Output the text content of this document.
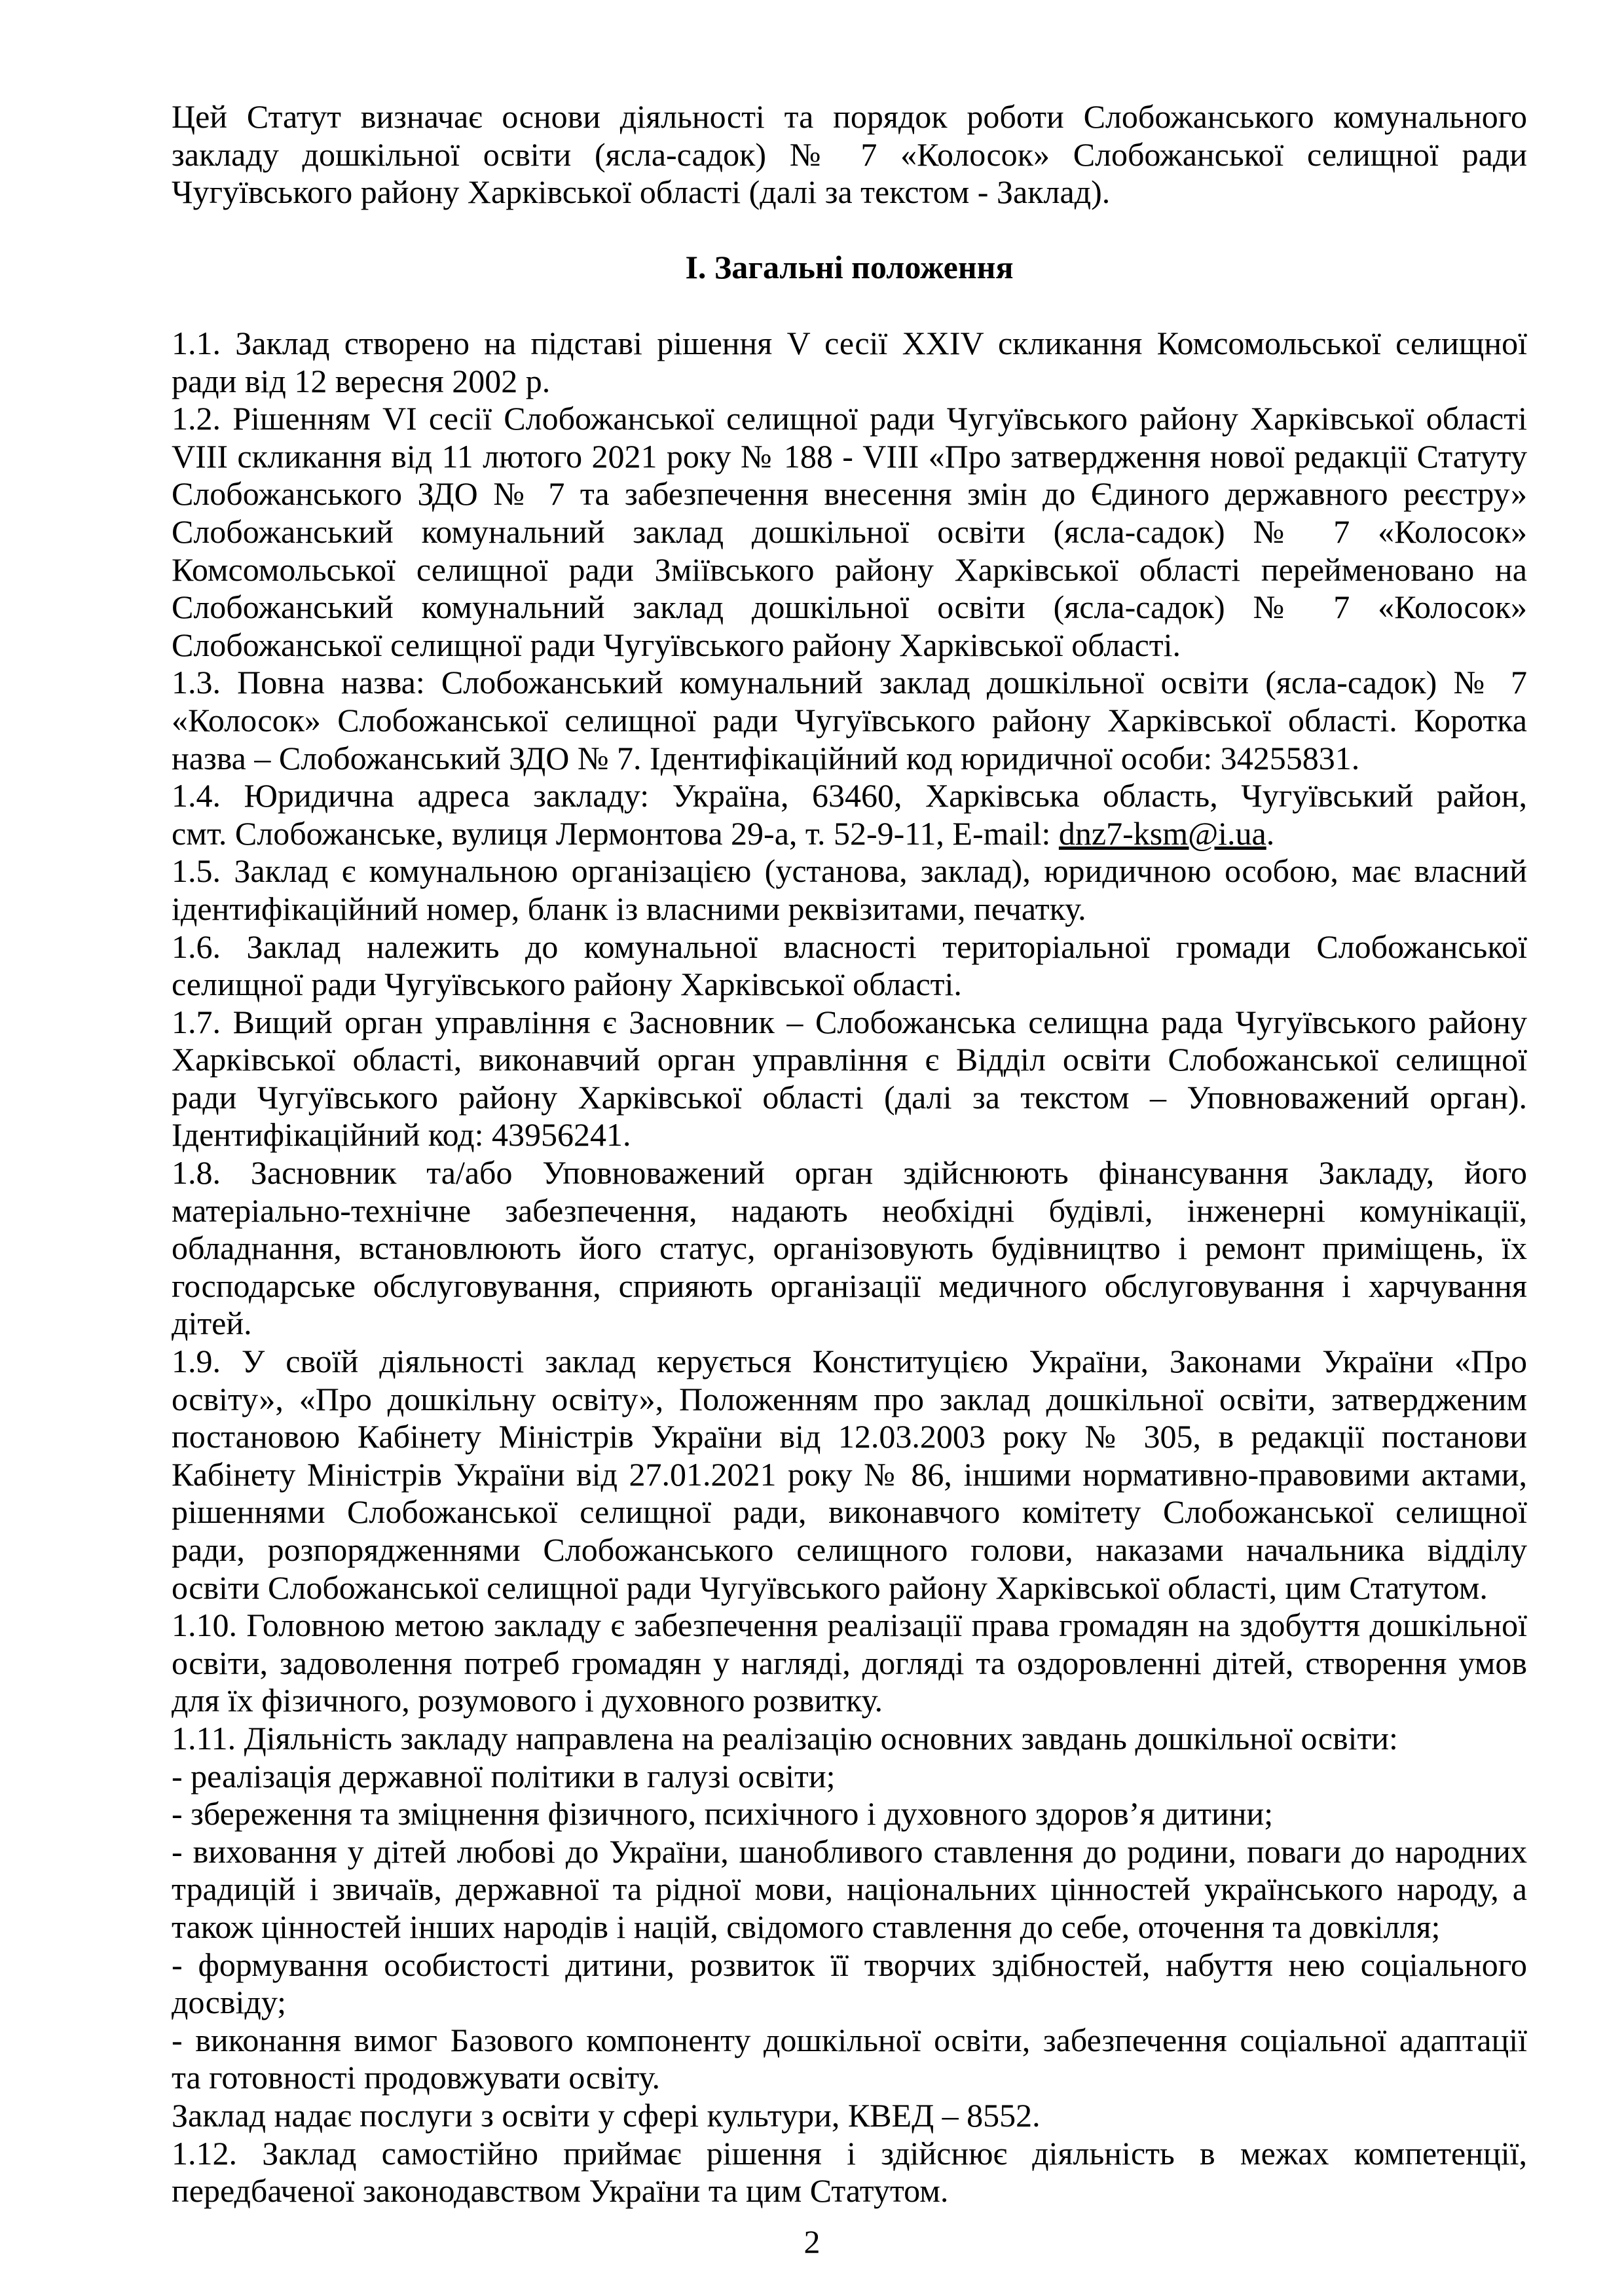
Цей Статут визначає основи діяльності та порядок роботи Слобожанського комунального
закладу дошкільної освіти (ясла-садок) № 7 «Колосок» Слобожанської селищної ради
Чугуївського району Харківської області (далі за текстом - Заклад).
І. Загальні положення
1.1. Заклад створено на підставі рішення V сесії XXIV скликання Комсомольської селищної
ради від 12 вересня 2002 р.
1.2. Рішенням VI сесії Слобожанської селищної ради Чугуївського району Харківської області
VIII скликання від 11 лютого 2021 року № 188 - VIII «Про затвердження нової редакції Статуту
Слобожанського ЗДО № 7 та забезпечення внесення змін до Єдиного державного реєстру»
Слобожанський комунальний заклад дошкільної освіти (ясла-садок) № 7 «Колосок»
Комсомольської селищної ради Зміївського району Харківської області перейменовано на
Слобожанський комунальний заклад дошкільної освіти (ясла-садок) № 7 «Колосок»
Слобожанської селищної ради Чугуївського району Харківської області.
1.3. Повна назва: Слобожанський комунальний заклад дошкільної освіти (ясла-садок) № 7
«Колосок» Слобожанської селищної ради Чугуївського району Харківської області. Коротка
назва – Слобожанський ЗДО № 7. Ідентифікаційний код юридичної особи: 34255831.
1.4. Юридична адреса закладу: Україна, 63460, Харківська область, Чугуївський район,
смт. Слобожанське, вулиця Лермонтова 29-а, т. 52-9-11, E-mail: dnz7-ksm@i.ua.
1.5. Заклад є комунальною організацією (установа, заклад), юридичною особою, має власний
ідентифікаційний номер, бланк із власними реквізитами, печатку.
1.6. Заклад належить до комунальної власності територіальної громади Слобожанської
селищної ради Чугуївського району Харківської області.
1.7. Вищий орган управління є Засновник – Слобожанська селищна рада Чугуївського району
Харківської області, виконавчий орган управління є Відділ освіти Слобожанської селищної
ради Чугуївського району Харківської області (далі за текстом – Уповноважений орган).
Ідентифікаційний код: 43956241.
1.8. Засновник та/або Уповноважений орган здійснюють фінансування Закладу, його
матеріально-технічне забезпечення, надають необхідні будівлі, інженерні комунікації,
обладнання, встановлюють його статус, організовують будівництво і ремонт приміщень, їх
господарське обслуговування, сприяють організації медичного обслуговування і харчування
дітей.
1.9. У своїй діяльності заклад керується Конституцією України, Законами України «Про
освіту», «Про дошкільну освіту», Положенням про заклад дошкільної освіти, затвердженим
постановою Кабінету Міністрів України від 12.03.2003 року № 305, в редакції постанови
Кабінету Міністрів України від 27.01.2021 року № 86, іншими нормативно-правовими актами,
рішеннями Слобожанської селищної ради, виконавчого комітету Слобожанської селищної
ради, розпорядженнями Слобожанського селищного голови, наказами начальника відділу
освіти Слобожанської селищної ради Чугуївського району Харківської області, цим Статутом.
1.10. Головною метою закладу є забезпечення реалізації права громадян на здобуття дошкільної
освіти, задоволення потреб громадян у нагляді, догляді та оздоровленні дітей, створення умов
для їх фізичного, розумового і духовного розвитку.
1.11. Діяльність закладу направлена на реалізацію основних завдань дошкільної освіти:
- реалізація державної політики в галузі освіти;
- збереження та зміцнення фізичного, психічного і духовного здоров’я дитини;
- виховання у дітей любові до України, шанобливого ставлення до родини, поваги до народних
традицій і звичаїв, державної та рідної мови, національних цінностей українського народу, а
також цінностей інших народів і націй, свідомого ставлення до себе, оточення та довкілля;
- формування особистості дитини, розвиток її творчих здібностей, набуття нею соціального
досвіду;
- виконання вимог Базового компоненту дошкільної освіти, забезпечення соціальної адаптації
та готовності продовжувати освіту.
Заклад надає послуги з освіти у сфері культури, КВЕД – 8552.
1.12. Заклад самостійно приймає рішення і здійснює діяльність в межах компетенції,
передбаченої законодавством України та цим Статутом.
2
